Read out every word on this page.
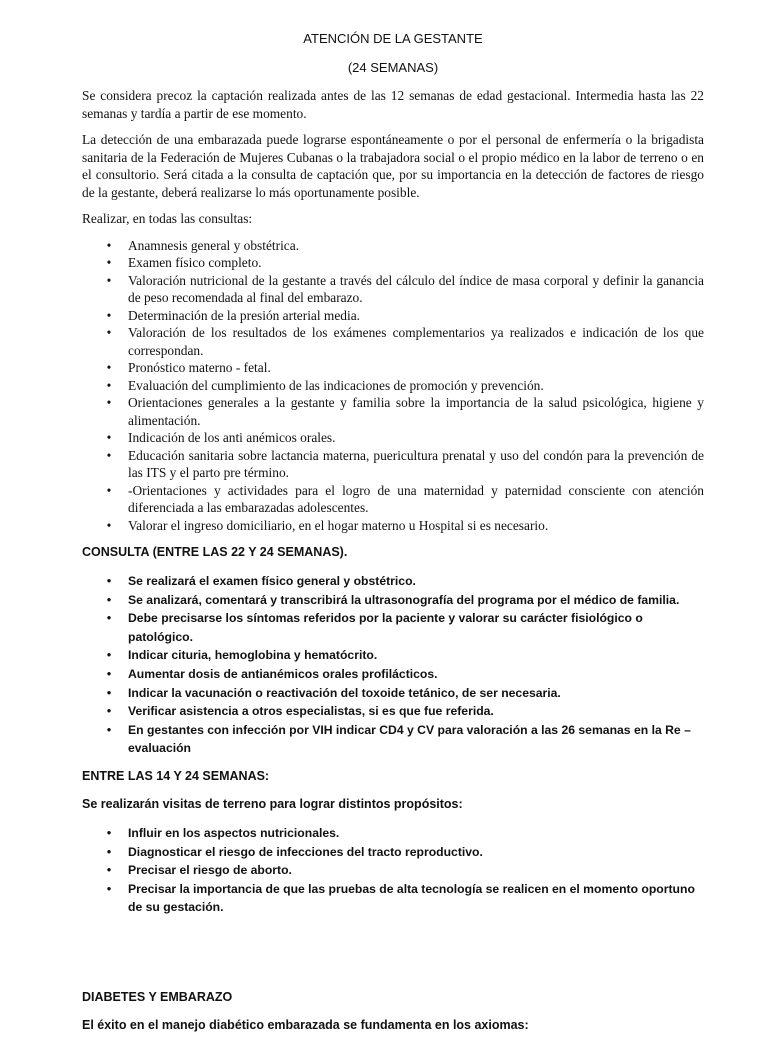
ATENCIÓN DE LA GESTANTE
(24 SEMANAS)

Se considera precoz la captación realizada antes de las 12 semanas de edad gestacional. Intermedia hasta las 22 semanas y tardía a partir de ese momento.

La detección de una embarazada puede lograrse espontáneamente o por el personal de enfermería o la brigadista sanitaria de la Federación de Mujeres Cubanas o la trabajadora social o el propio médico en la labor de terreno o en el consultorio. Será citada a la consulta de captación que, por su importancia en la detección de factores de riesgo de la gestante, deberá realizarse lo más oportunamente posible.

Realizar, en todas las consultas:

• Anamnesis general y obstétrica.
• Examen físico completo.
• Valoración nutricional de la gestante a través del cálculo del índice de masa corporal y definir la ganancia de peso recomendada al final del embarazo.
• Determinación de la presión arterial media.
• Valoración de los resultados de los exámenes complementarios ya realizados e indicación de los que correspondan.
• Pronóstico materno - fetal.
• Evaluación del cumplimiento de las indicaciones de promoción y prevención.
• Orientaciones generales a la gestante y familia sobre la importancia de la salud psicológica, higiene y alimentación.
• Indicación de los anti anémicos orales.
• Educación sanitaria sobre lactancia materna, puericultura prenatal y uso del condón para la prevención de las ITS y el parto pre término.
• -Orientaciones y actividades para el logro de una maternidad y paternidad consciente con atención diferenciada a las embarazadas adolescentes.
• Valorar el ingreso domiciliario, en el hogar materno u Hospital si es necesario.
CONSULTA (ENTRE LAS 22 Y 24 SEMANAS).
• Se realizará el examen físico general y obstétrico.
• Se analizará, comentará y transcribirá la ultrasonografía del programa por el médico de familia.
• Debe precisarse los síntomas referidos por la paciente y valorar su carácter fisiológico o patológico.
• Indicar cituria, hemoglobina y hematócrito.
• Aumentar dosis de antianémicos orales profilácticos.
• Indicar la vacunación o reactivación del toxoide tetánico, de ser necesaria.
• Verificar asistencia a otros especialistas, si es que fue referida.
• En gestantes con infección por VIH indicar CD4 y CV para valoración a las 26 semanas en la Re – evaluación
ENTRE LAS 14 Y 24 SEMANAS:

Se realizarán visitas de terreno para lograr distintos propósitos:

• Influir en los aspectos nutricionales.
• Diagnosticar el riesgo de infecciones del tracto reproductivo.
• Precisar el riesgo de aborto.
• Precisar la importancia de que las pruebas de alta tecnología se realicen en el momento oportuno de su gestación.
DIABETES Y EMBARAZO

El éxito en el manejo diabético embarazada se fundamenta en los axiomas:
